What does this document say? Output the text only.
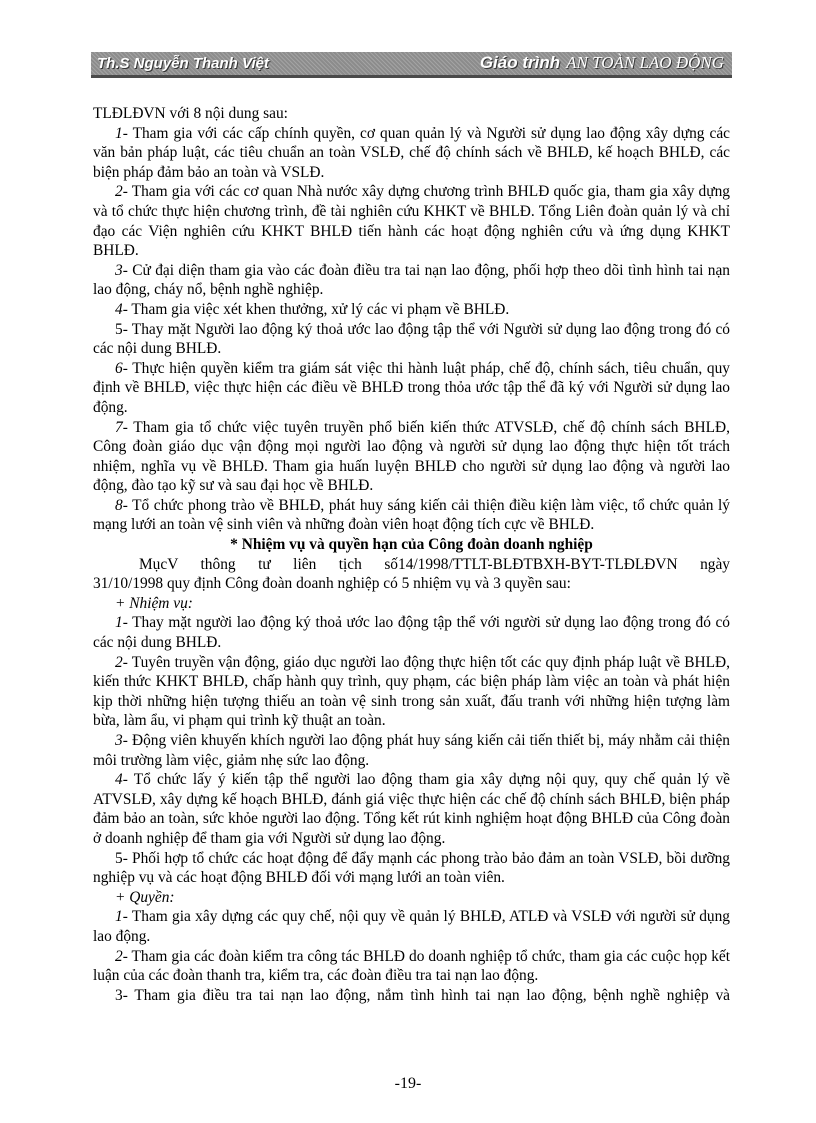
Th.S Nguyễn Thanh Việt	Giáo trình AN TOÀN LAO ĐỘNG

TLĐLĐVN với 8 nội dung sau:

1- Tham gia với các cấp chính quyền, cơ quan quản lý và Người sử dụng lao động xây dựng các văn bản pháp luật, các tiêu chuẩn an toàn VSLĐ, chế độ chính sách về BHLĐ, kế hoạch BHLĐ, các biện pháp đảm bảo an toàn và VSLĐ.

2- Tham gia với các cơ quan Nhà nước xây dựng chương trình BHLĐ quốc gia, tham gia xây dựng và tổ chức thực hiện chương trình, đề tài nghiên cứu KHKT về BHLĐ. Tổng Liên đoàn quản lý và chỉ đạo các Viện nghiên cứu KHKT BHLĐ tiến hành các hoạt động nghiên cứu và ứng dụng KHKT BHLĐ.

3- Cử đại diện tham gia vào các đoàn điều tra tai nạn lao động, phối hợp theo dõi tình hình tai nạn   lao động, cháy nổ, bệnh nghề nghiệp.

4- Tham gia việc xét khen thưởng, xử lý các vi phạm về BHLĐ.

5- Thay mặt Người lao động ký thoả ước lao động tập thể với Người sử dụng lao động trong đó có các nội dung BHLĐ.

6- Thực hiện quyền kiểm tra giám sát việc thi hành luật pháp, chế độ, chính sách, tiêu chuẩn, quy định về BHLĐ, việc thực hiện các điều về BHLĐ trong thỏa ước tập thể đã ký với Người sử dụng lao động.

7- Tham gia tổ chức việc tuyên truyền phổ biến kiến thức ATVSLĐ, chế độ chính sách BHLĐ, Công đoàn giáo dục vận động mọi người lao động và người sử dụng lao động thực hiện tốt trách nhiệm, nghĩa vụ về BHLĐ. Tham gia huấn luyện BHLĐ cho người sử dụng lao động và người lao động, đào tạo kỹ sư và sau đại học về BHLĐ.

8- Tổ chức phong trào về BHLĐ, phát huy sáng kiến cải thiện điều kiện làm việc, tổ chức quản lý mạng lưới an toàn vệ sinh viên và những đoàn viên hoạt động tích cực về BHLĐ.

* Nhiệm vụ và quyền hạn của Công đoàn doanh nghiệp

MụcV   thông   tư   liên   tịch   số14/1998/TTLT-BLĐTBXH-BYT-TLĐLĐVN   ngày

31/10/1998 quy định Công đoàn doanh nghiệp có 5 nhiệm vụ và 3 quyền sau:

+ Nhiệm vụ:

1- Thay mặt người lao động ký thoả ước lao động tập thể với người sử dụng lao động trong đó có các nội dung BHLĐ.

2- Tuyên truyền vận động, giáo dục người lao động thực hiện tốt các quy định pháp luật về BHLĐ, kiến thức KHKT BHLĐ, chấp hành quy trình, quy phạm, các biện pháp làm việc an toàn và phát hiện kịp thời những hiện tượng thiếu an toàn vệ sinh trong sản xuất, đấu tranh với những hiện tượng làm bừa, làm ẩu, vi phạm qui trình kỹ thuật an toàn.

3- Động viên khuyến khích người lao động phát huy sáng kiến cải tiến thiết bị, máy nhằm cải thiện môi trường làm việc, giảm nhẹ sức lao động.

4- Tổ chức lấy ý kiến tập thể người lao động tham gia xây dựng nội quy, quy chế quản lý về ATVSLĐ, xây dựng kế hoạch BHLĐ, đánh giá việc thực hiện các chế độ chính sách BHLĐ, biện pháp đảm bảo an toàn, sức khỏe người lao động. Tổng kết rút kinh nghiệm hoạt động BHLĐ của Công đoàn ở doanh nghiệp để tham gia với Người sử dụng lao động.

5- Phối hợp tổ chức các hoạt động để đẩy mạnh các phong trào bảo đảm an toàn VSLĐ, bồi dưỡng nghiệp vụ và các hoạt động BHLĐ đối với mạng lưới an toàn viên.

+ Quyền:

1- Tham gia xây dựng các quy chế, nội quy về quản lý BHLĐ, ATLĐ và VSLĐ với người sử dụng lao động.

2- Tham gia các đoàn kiểm tra công tác BHLĐ do doanh nghiệp tổ chức, tham gia các cuộc họp kết luận của các đoàn thanh tra, kiểm tra, các đoàn điều tra tai nạn lao động.

3- Tham gia điều tra tai nạn lao động, nắm tình hình tai nạn lao động, bệnh nghề nghiệp và

-19-
